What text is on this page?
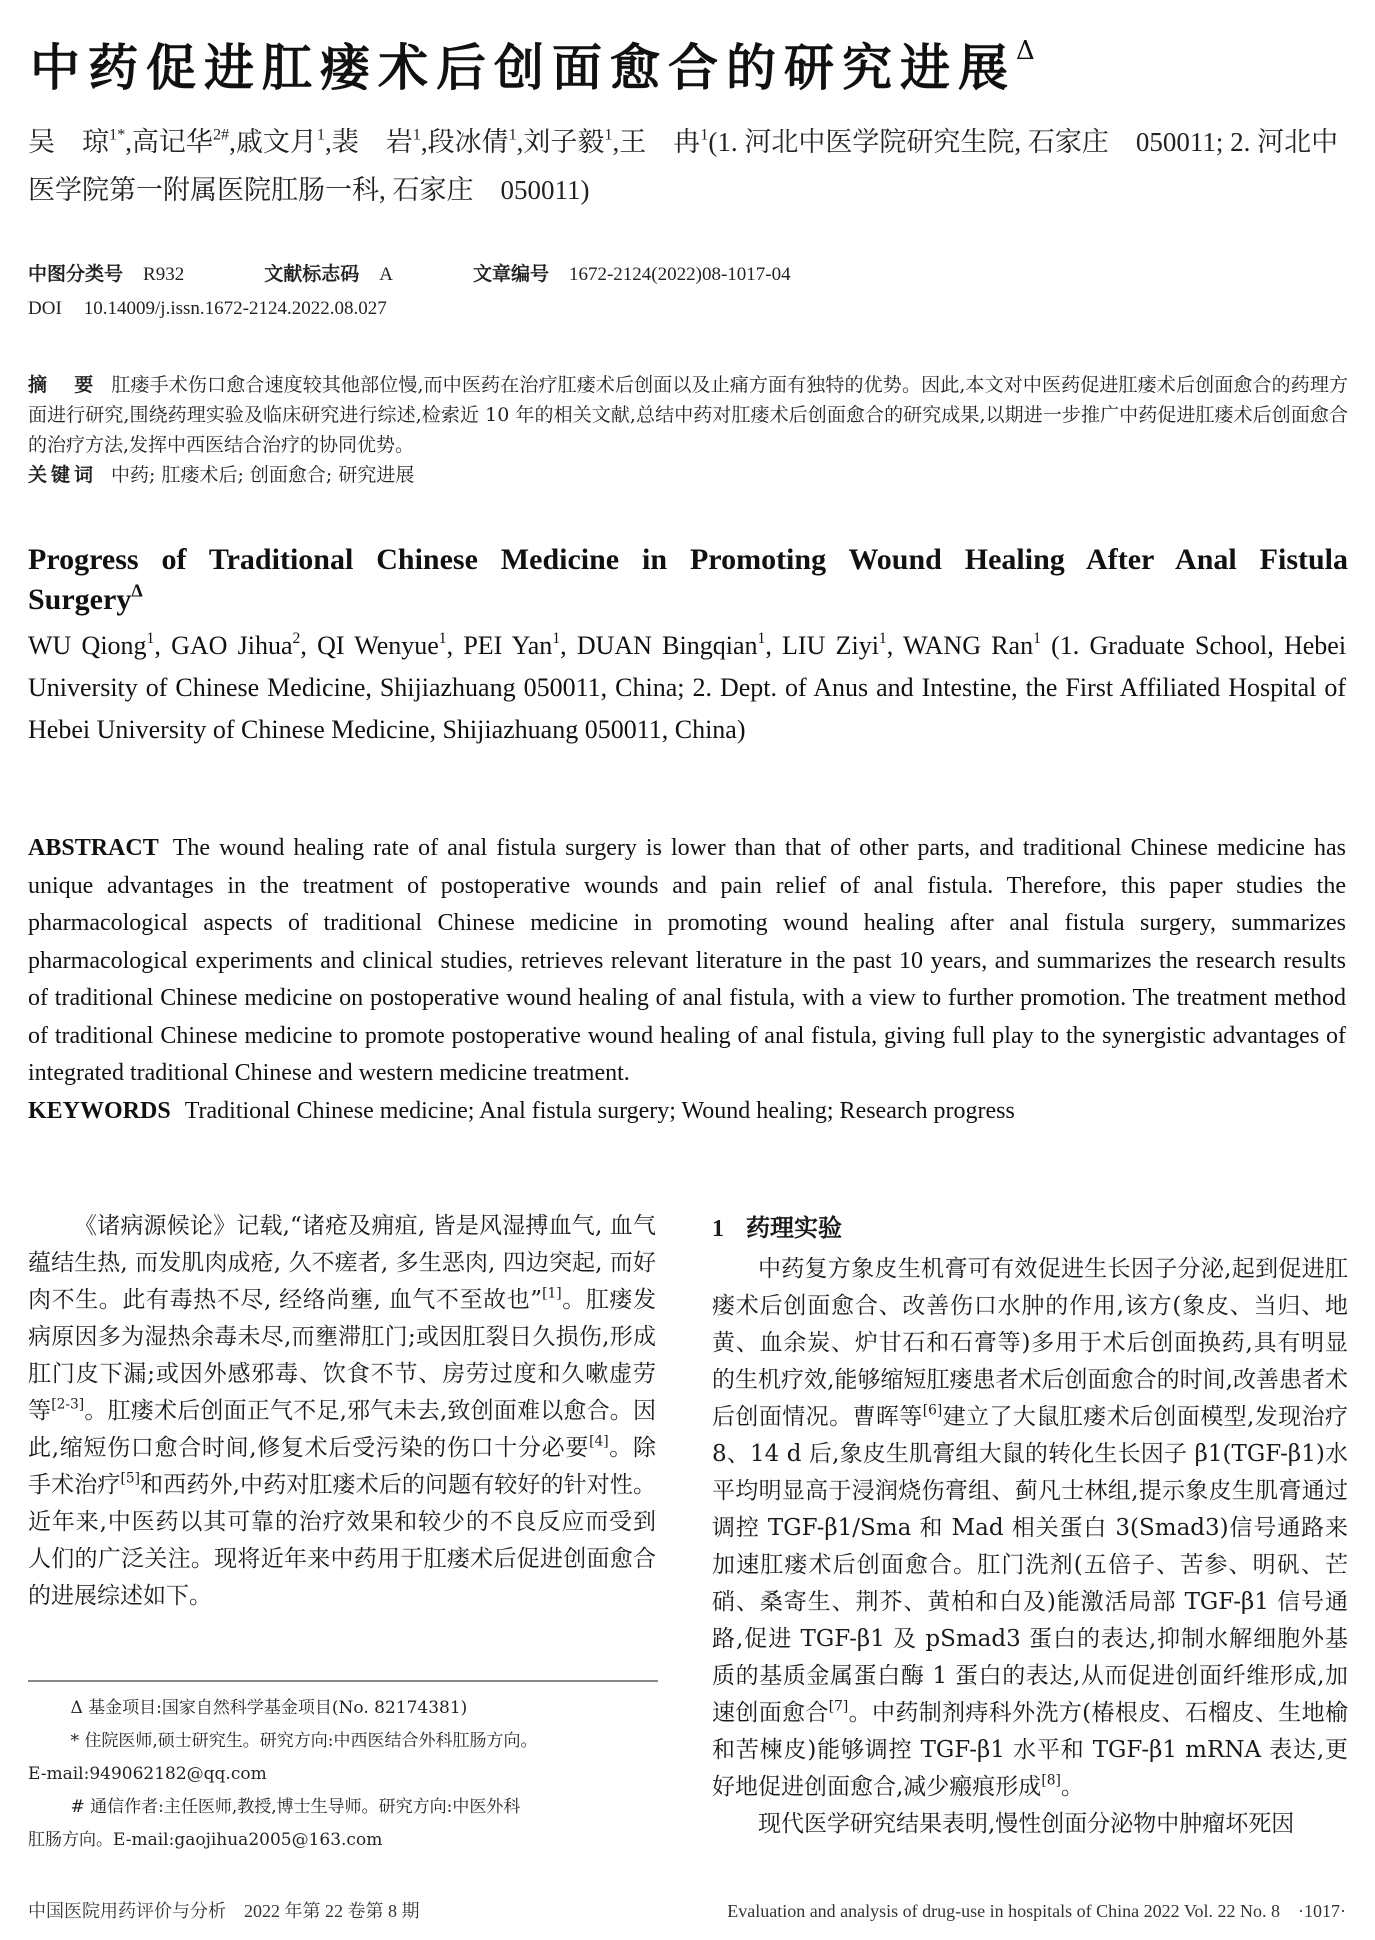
中药促进肛瘘术后创面愈合的研究进展$^\Delta$
吴　琼$^{1*}$,高记华$^{2\#}$,戚文月$^1$,裴　岩$^1$,段冰倩$^1$,刘子毅$^1$,王　冉$^1$(1. 河北中医学院研究生院, 石家庄　050011; 2. 河北中医学院第一附属医院肛肠一科, 石家庄　050011)
中图分类号 R932	文献标志码 A	文章编号 1672-2124(2022)08-1017-04
DOI 10.14009/j.issn.1672-2124.2022.08.027
摘　要 肛瘘手术伤口愈合速度较其他部位慢,而中医药在治疗肛瘘术后创面以及止痛方面有独特的优势。因此,本文对中医药促进肛瘘术后创面愈合的药理方面进行研究,围绕药理实验及临床研究进行综述,检索近 10 年的相关文献,总结中药对肛瘘术后创面愈合的研究成果,以期进一步推广中药促进肛瘘术后创面愈合的治疗方法,发挥中西医结合治疗的协同优势。
关键词 中药; 肛瘘术后; 创面愈合; 研究进展
Progress of Traditional Chinese Medicine in Promoting Wound Healing After Anal Fistula Surgery$^\Delta$
WU Qiong$^1$, GAO Jihua$^2$, QI Wenyue$^1$, PEI Yan$^1$, DUAN Bingqian$^1$, LIU Ziyi$^1$, WANG Ran$^1$ (1. Graduate School, Hebei University of Chinese Medicine, Shijiazhuang 050011, China; 2. Dept. of Anus and Intestine, the First Affiliated Hospital of Hebei University of Chinese Medicine, Shijiazhuang 050011, China)
ABSTRACT The wound healing rate of anal fistula surgery is lower than that of other parts, and traditional Chinese medicine has unique advantages in the treatment of postoperative wounds and pain relief of anal fistula. Therefore, this paper studies the pharmacological aspects of traditional Chinese medicine in promoting wound healing after anal fistula surgery, summarizes pharmacological experiments and clinical studies, retrieves relevant literature in the past 10 years, and summarizes the research results of traditional Chinese medicine on postoperative wound healing of anal fistula, with a view to further promotion. The treatment method of traditional Chinese medicine to promote postoperative wound healing of anal fistula, giving full play to the synergistic advantages of integrated traditional Chinese and western medicine treatment.
KEYWORDS Traditional Chinese medicine; Anal fistula surgery; Wound healing; Research progress

《诸病源候论》记载,“诸疮及痈疽, 皆是风湿搏血气, 血气蕴结生热, 而发肌肉成疮, 久不瘥者, 多生恶肉, 四边突起, 而好肉不生。此有毒热不尽, 经络尚壅, 血气不至故也”[1]。肛瘘发病原因多为湿热余毒未尽,而壅滞肛门;或因肛裂日久损伤,形成肛门皮下漏;或因外感邪毒、饮食不节、房劳过度和久嗽虚劳等[2-3]。肛瘘术后创面正气不足,邪气未去,致创面难以愈合。因此,缩短伤口愈合时间,修复术后受污染的伤口十分必要[4]。除手术治疗[5]和西药外,中药对肛瘘术后的问题有较好的针对性。近年来,中医药以其可靠的治疗效果和较少的不良反应而受到人们的广泛关注。现将近年来中药用于肛瘘术后促进创面愈合的进展综述如下。

Δ 基金项目:国家自然科学基金项目(No. 82174381)

* 住院医师,硕士研究生。研究方向:中西医结合外科肛肠方向。

E-mail:949062182@qq.com

# 通信作者:主任医师,教授,博士生导师。研究方向:中医外科

肛肠方向。E-mail:gaojihua2005@163.com

1 药理实验

中药复方象皮生机膏可有效促进生长因子分泌,起到促进肛瘘术后创面愈合、改善伤口水肿的作用,该方(象皮、当归、地黄、血余炭、炉甘石和石膏等)多用于术后创面换药,具有明显的生机疗效,能够缩短肛瘘患者术后创面愈合的时间,改善患者术后创面情况。曹晖等[6]建立了大鼠肛瘘术后创面模型,发现治疗 8、14 d 后,象皮生肌膏组大鼠的转化生长因子 β1(TGF-β1)水平均明显高于浸润烧伤膏组、蓟凡士林组,提示象皮生肌膏通过调控 TGF-β1/Sma 和 Mad 相关蛋白 3(Smad3)信号通路来加速肛瘘术后创面愈合。肛门洗剂(五倍子、苦参、明矾、芒硝、桑寄生、荆芥、黄柏和白及)能激活局部 TGF-β1 信号通路,促进 TGF-β1 及 pSmad3 蛋白的表达,抑制水解细胞外基质的基质金属蛋白酶 1 蛋白的表达,从而促进创面纤维形成,加速创面愈合[7]。中药制剂痔科外洗方(椿根皮、石榴皮、生地榆和苦楝皮)能够调控 TGF-β1 水平和 TGF-β1 mRNA 表达,更好地促进创面愈合,减少瘢痕形成[8]。

现代医学研究结果表明,慢性创面分泌物中肿瘤坏死因

中国医院用药评价与分析　2022 年第 22 卷第 8 期	Evaluation and analysis of drug-use in hospitals of China 2022 Vol. 22 No. 8　·1017·
